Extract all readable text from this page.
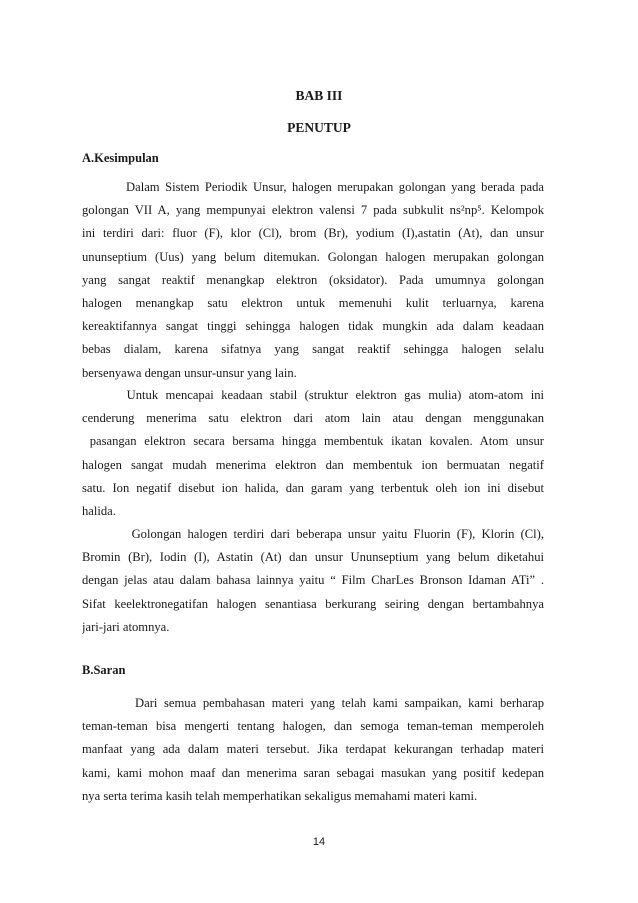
BAB III
PENUTUP
A.Kesimpulan
Dalam Sistem Periodik Unsur, halogen merupakan golongan yang berada pada
golongan VII A, yang mempunyai elektron valensi 7 pada subkulit ns²np⁵. Kelompok
ini terdiri dari: fluor (F), klor (Cl), brom (Br), yodium (I),astatin (At), dan unsur
ununseptium (Uus) yang belum ditemukan. Golongan halogen merupakan golongan
yang sangat reaktif menangkap elektron (oksidator). Pada umumnya golongan
halogen menangkap satu elektron untuk memenuhi kulit terluarnya, karena
kereaktifannya sangat tinggi sehingga halogen tidak mungkin ada dalam keadaan
bebas dialam, karena sifatnya yang sangat reaktif sehingga halogen selalu
bersenyawa dengan unsur-unsur yang lain.
Untuk mencapai keadaan stabil (struktur elektron gas mulia) atom-atom ini
cenderung menerima satu elektron dari atom lain atau dengan menggunakan
pasangan elektron secara bersama hingga membentuk ikatan kovalen. Atom unsur
halogen sangat mudah menerima elektron dan membentuk ion bermuatan negatif
satu. Ion negatif disebut ion halida, dan garam yang terbentuk oleh ion ini disebut
halida.
Golongan halogen terdiri dari beberapa unsur yaitu Fluorin (F), Klorin (Cl),
Bromin (Br), Iodin (I), Astatin (At) dan unsur Ununseptium yang belum diketahui
dengan jelas atau dalam bahasa lainnya yaitu “ Film CharLes Bronson Idaman ATi” .
Sifat keelektronegatifan halogen senantiasa berkurang seiring dengan bertambahnya
jari-jari atomnya.
B.Saran
Dari semua pembahasan materi yang telah kami sampaikan, kami berharap
teman-teman bisa mengerti tentang halogen, dan semoga teman-teman memperoleh
manfaat yang ada dalam materi tersebut. Jika terdapat kekurangan terhadap materi
kami, kami mohon maaf dan menerima saran sebagai masukan yang positif kedepan
nya serta terima kasih telah memperhatikan sekaligus memahami materi kami.
14
